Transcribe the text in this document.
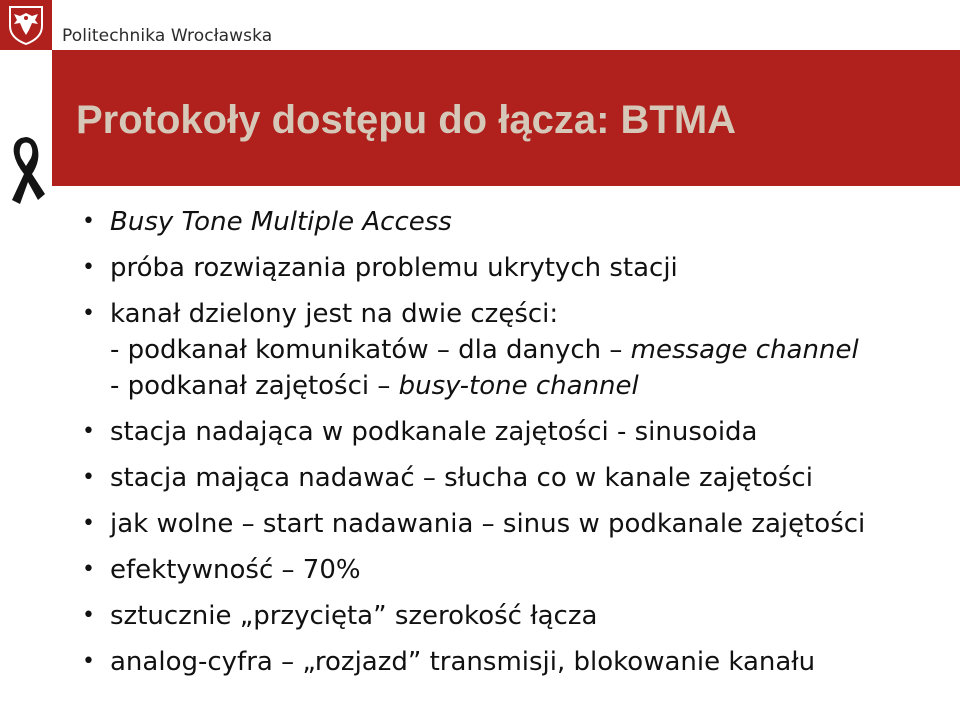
Politechnika Wrocławska
Protokoły dostępu do łącza: BTMA
• Busy Tone Multiple Access
• próba rozwiązania problemu ukrytych stacji
• kanał dzielony jest na dwie części:
- podkanał komunikatów – dla danych – message channel
- podkanał zajętości – busy-tone channel
• stacja nadająca w podkanale zajętości - sinusoida
• stacja mająca nadawać – słucha co w kanale zajętości
• jak wolne – start nadawania – sinus w podkanale zajętości
• efektywność – 70%
• sztucznie „przycięta” szerokość łącza
• analog-cyfra – „rozjazd” transmisji, blokowanie kanału
